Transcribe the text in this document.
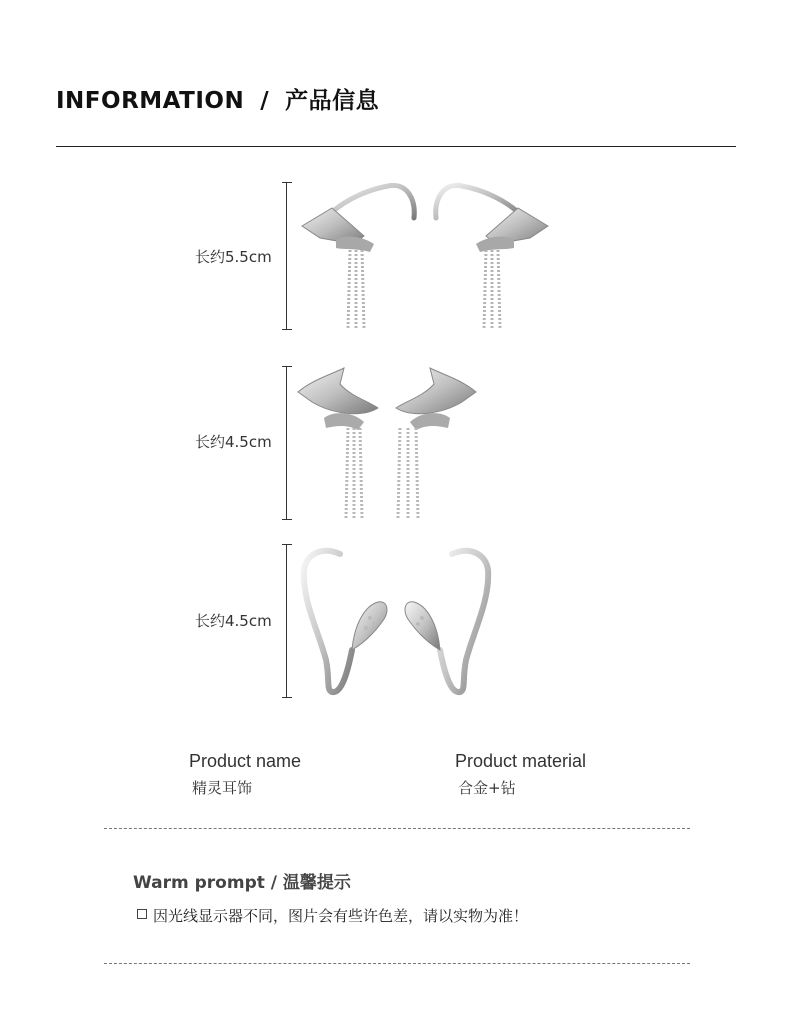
INFORMATION / 产品信息
长约5.5cm
长约4.5cm
长约4.5cm
Product name
精灵耳饰
Product material
合金+钻
Warm prompt / 温馨提示
因光线显示器不同，图片会有些许色差，请以实物为准！
